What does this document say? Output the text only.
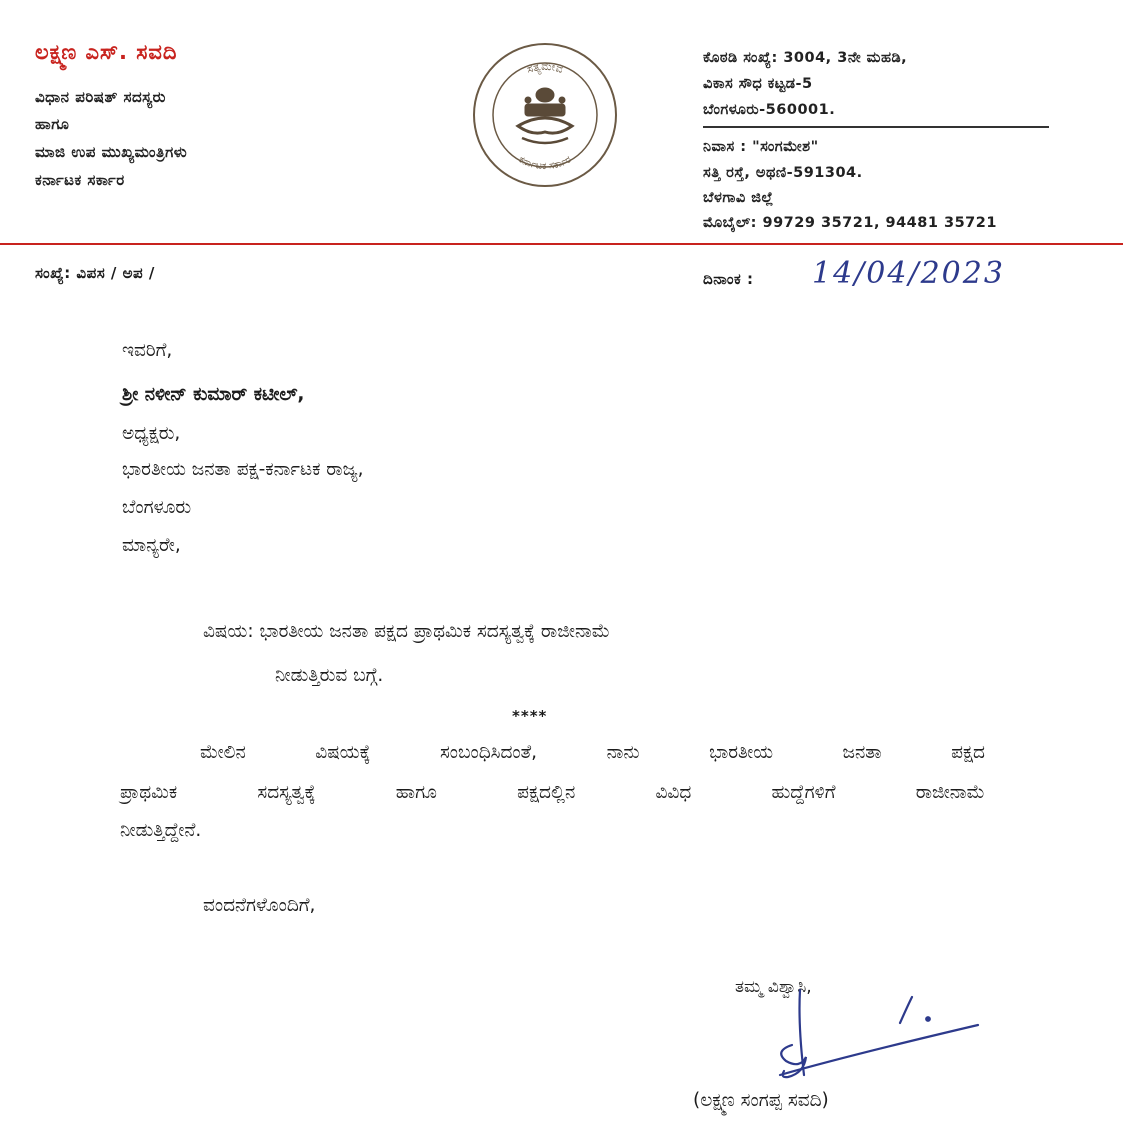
ಲಕ್ಷ್ಮಣ ಎಸ್. ಸವದಿ
ವಿಧಾನ ಪರಿಷತ್ ಸದಸ್ಯರು
ಹಾಗೂ
ಮಾಜಿ ಉಪ ಮುಖ್ಯಮಂತ್ರಿಗಳು
ಕರ್ನಾಟಕ ಸರ್ಕಾರ
ಸತ್ಯಮೇವ
ಕರ್ನಾಟಕ ಸರ್ಕಾರ
ಕೊಠಡಿ ಸಂಖ್ಯೆ: 3004, 3ನೇ ಮಹಡಿ,
ವಿಕಾಸ ಸೌಧ ಕಟ್ಟಡ-5
ಬೆಂಗಳೂರು-560001.
ನಿವಾಸ : "ಸಂಗಮೇಶ"
ಸತ್ತಿ ರಸ್ತೆ, ಅಥಣಿ-591304.
ಬೆಳಗಾವಿ ಜಿಲ್ಲೆ
ಮೊಬೈಲ್: 99729 35721, 94481 35721
ಸಂಖ್ಯೆ: ವಿಪಸ / ಅಪ /	ದಿನಾಂಕ : 14/04/2023
ಇವರಿಗೆ,
ಶ್ರೀ ನಳೀನ್ ಕುಮಾರ್ ಕಟೀಲ್,
ಅಧ್ಯಕ್ಷರು,
ಭಾರತೀಯ ಜನತಾ ಪಕ್ಷ-ಕರ್ನಾಟಕ ರಾಜ್ಯ,
ಬೆಂಗಳೂರು
ಮಾನ್ಯರೇ,
ವಿಷಯ: ಭಾರತೀಯ ಜನತಾ ಪಕ್ಷದ ಪ್ರಾಥಮಿಕ ಸದಸ್ಯತ್ವಕ್ಕೆ ರಾಜೀನಾಮೆ
ನೀಡುತ್ತಿರುವ ಬಗ್ಗೆ.
****
ಮೇಲಿನ	ವಿಷಯಕ್ಕೆ	ಸಂಬಂಧಿಸಿದಂತೆ,	ನಾನು	ಭಾರತೀಯ	ಜನತಾ	ಪಕ್ಷದ
ಪ್ರಾಥಮಿಕ	ಸದಸ್ಯತ್ವಕ್ಕೆ	ಹಾಗೂ	ಪಕ್ಷದಲ್ಲಿನ	ವಿವಿಧ	ಹುದ್ದೆಗಳಿಗೆ	ರಾಜೀನಾಮೆ
ನೀಡುತ್ತಿದ್ದೇನೆ.
ವಂದನೆಗಳೊಂದಿಗೆ,
ತಮ್ಮ ವಿಶ್ವಾಸಿ,
(ಲಕ್ಷ್ಮಣ ಸಂಗಪ್ಪ ಸವದಿ)
